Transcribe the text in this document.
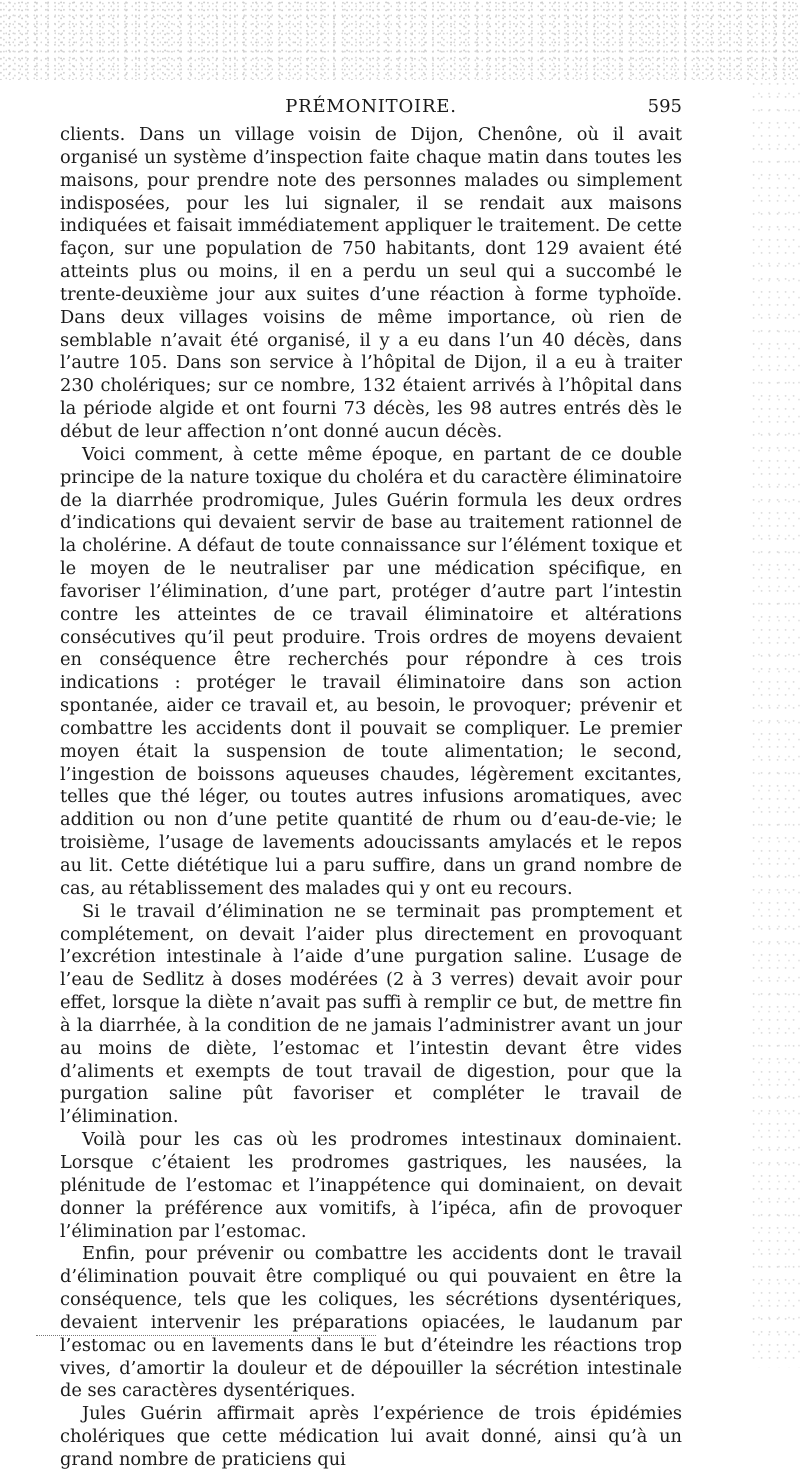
PRÉMONITOIRE.	595

clients. Dans un village voisin de Dijon, Chenône, où il avait organisé un système d’inspection faite chaque matin dans toutes les maisons, pour prendre note des personnes malades ou simplement indisposées, pour les lui signaler, il se rendait aux maisons indiquées et faisait immédiatement appliquer le traitement. De cette façon, sur une population de 750 habitants, dont 129 avaient été atteints plus ou moins, il en a perdu un seul qui a succombé le trente-deuxième jour aux suites d’une réaction à forme typhoïde. Dans deux villages voisins de même importance, où rien de semblable n’avait été organisé, il y a eu dans l’un 40 décès, dans l’autre 105. Dans son service à l’hôpital de Dijon, il a eu à traiter 230 cholériques; sur ce nombre, 132 étaient arrivés à l’hôpital dans la période algide et ont fourni 73 décès, les 98 autres entrés dès le début de leur affection n’ont donné aucun décès.

Voici comment, à cette même époque, en partant de ce double principe de la nature toxique du choléra et du caractère éliminatoire de la diarrhée prodromique, Jules Guérin formula les deux ordres d’indications qui devaient servir de base au traitement rationnel de la cholérine. A défaut de toute connaissance sur l’élément toxique et le moyen de le neutraliser par une médication spécifique, en favoriser l’élimination, d’une part, protéger d’autre part l’intestin contre les atteintes de ce travail éliminatoire et altérations consécutives qu’il peut produire. Trois ordres de moyens devaient en conséquence être recherchés pour répondre à ces trois indications : protéger le travail éliminatoire dans son action spontanée, aider ce travail et, au besoin, le provoquer; prévenir et combattre les accidents dont il pouvait se compliquer. Le premier moyen était la suspension de toute alimentation; le second, l’ingestion de boissons aqueuses chaudes, légèrement excitantes, telles que thé léger, ou toutes autres infusions aromatiques, avec addition ou non d’une petite quantité de rhum ou d’eau-de-vie; le troisième, l’usage de lavements adoucissants amylacés et le repos au lit. Cette diététique lui a paru suffire, dans un grand nombre de cas, au rétablissement des malades qui y ont eu recours.

Si le travail d’élimination ne se terminait pas promptement et complétement, on devait l’aider plus directement en provoquant l’excrétion intestinale à l’aide d’une purgation saline. L’usage de l’eau de Sedlitz à doses modérées (2 à 3 verres) devait avoir pour effet, lorsque la diète n’avait pas suffi à remplir ce but, de mettre fin à la diarrhée, à la condition de ne jamais l’administrer avant un jour au moins de diète, l’estomac et l’intestin devant être vides d’aliments et exempts de tout travail de digestion, pour que la purgation saline pût favoriser et compléter le travail de l’élimination.

Voilà pour les cas où les prodromes intestinaux dominaient. Lorsque c’étaient les prodromes gastriques, les nausées, la plénitude de l’estomac et l’inappétence qui dominaient, on devait donner la préférence aux vomitifs, à l’ipéca, afin de provoquer l’élimination par l’estomac.

Enfin, pour prévenir ou combattre les accidents dont le travail d’élimination pouvait être compliqué ou qui pouvaient en être la conséquence, tels que les coliques, les sécrétions dysentériques, devaient intervenir les préparations opiacées, le laudanum par l’estomac ou en lavements dans le but d’éteindre les réactions trop vives, d’amortir la douleur et de dépouiller la sécrétion intestinale de ses caractères dysentériques.

Jules Guérin affirmait après l’expérience de trois épidémies cholériques que cette médication lui avait donné, ainsi qu’à un grand nombre de praticiens qui
